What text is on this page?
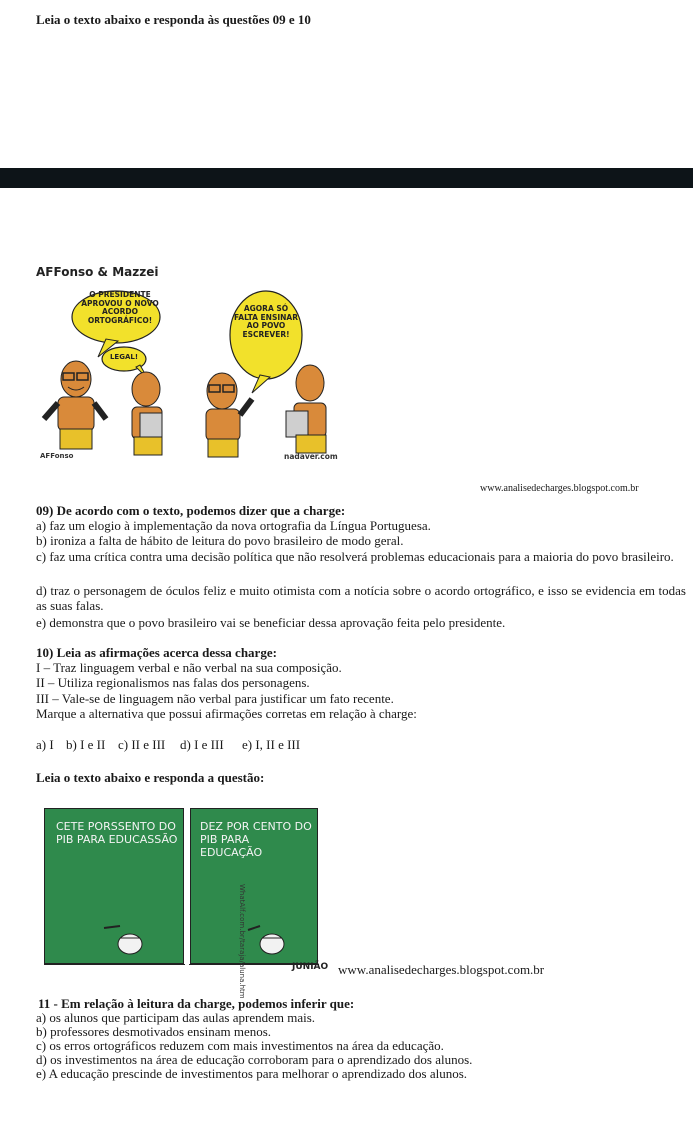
Leia o texto abaixo e responda às questões 09 e 10
AFFonso & Mazzei
O PRESIDENTE APROVOU O NOVO ACORDO ORTOGRÁFICO!
LEGAL!
AGORA SÓ FALTA ENSINAR AO POVO ESCREVER!
AFFonso	nadaver.com
www.analisedecharges.blogspot.com.br
09) De acordo com o texto, podemos dizer que a charge:
a) faz um elogio à implementação da nova ortografia da Língua Portuguesa.
b) ironiza a falta de hábito de leitura do povo brasileiro de modo geral.
c) faz uma crítica contra uma decisão política que não resolverá problemas educacionais para a maioria do povo brasileiro.
d) traz o personagem de óculos feliz e muito otimista com a notícia sobre o acordo ortográfico, e isso se evidencia em todas as suas falas.
e) demonstra que o povo brasileiro vai se beneficiar dessa aprovação feita pelo presidente.
10) Leia as afirmações acerca dessa charge:
I – Traz linguagem verbal e não verbal na sua composição.
II – Utiliza regionalismos nas falas dos personagens.
III – Vale-se de linguagem não verbal para justificar um fato recente.
Marque a alternativa que possui afirmações corretas em relação à charge:
a) I b) I e II c) II e III d) I e III e) I, II e III
Leia o texto abaixo e responda a questão:
CETE PORSSENTO DO PIB PARA EDUCASSÃO
DEZ POR CENTO DO PIB PARA EDUCAÇÃO
WhatAlf.com.br/taraja/aluna.htm	JUNIÃO www.analisedecharges.blogspot.com.br
11 - Em relação à leitura da charge, podemos inferir que:
a) os alunos que participam das aulas aprendem mais.
b) professores desmotivados ensinam menos.
c) os erros ortográficos reduzem com mais investimentos na área da educação.
d) os investimentos na área de educação corroboram para o aprendizado dos alunos.
e) A educação prescinde de investimentos para melhorar o aprendizado dos alunos.
